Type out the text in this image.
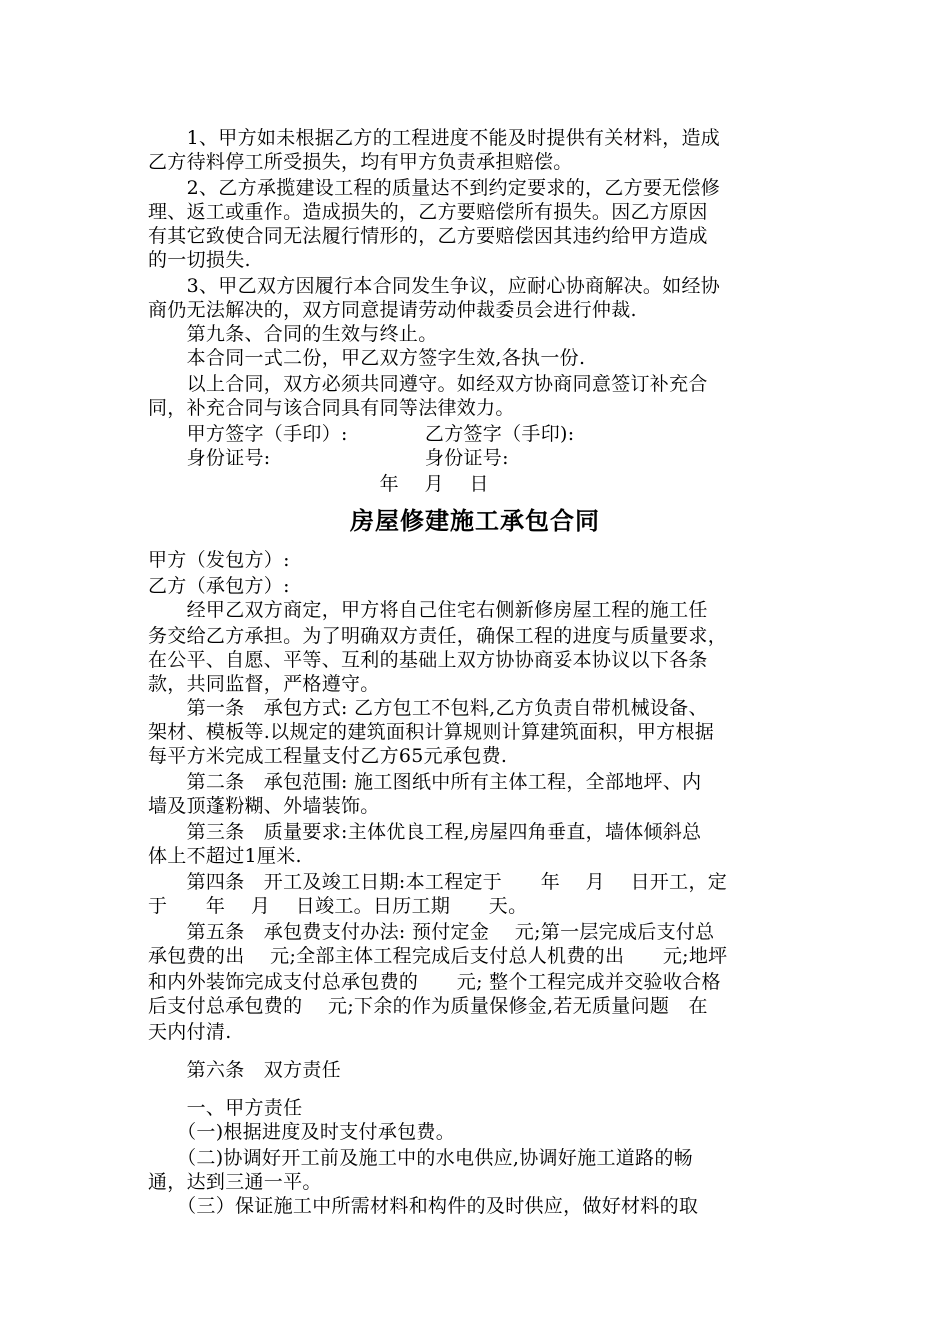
　　1、甲方如未根据乙方的工程进度不能及时提供有关材料，造成
乙方待料停工所受损失，均有甲方负责承担赔偿。
　　2、乙方承揽建设工程的质量达不到约定要求的，乙方要无偿修
理、返工或重作。造成损失的，乙方要赔偿所有损失。因乙方原因
有其它致使合同无法履行情形的，乙方要赔偿因其违约给甲方造成
的一切损失.
　　3、甲乙双方因履行本合同发生争议，应耐心协商解决。如经协
商仍无法解决的，双方同意提请劳动仲裁委员会进行仲裁.
　　第九条、合同的生效与终止。
　　本合同一式二份，甲乙双方签字生效,各执一份.
　　以上合同，双方必须共同遵守。如经双方协商同意签订补充合
同，补充合同与该合同具有同等法律效力。
　　甲方签字（手印）:　　　　乙方签字（手印):
　　身份证号:　　　　　　　　身份证号:
　　　　　　　　　　　　年　 月　 日
房屋修建施工承包合同
甲方（发包方）:
乙方（承包方）:
　　经甲乙双方商定，甲方将自己住宅右侧新修房屋工程的施工任
务交给乙方承担。为了明确双方责任，确保工程的进度与质量要求，
在公平、自愿、平等、互利的基础上双方协协商妥本协议以下各条
款，共同监督，严格遵守。
　　第一条　承包方式: 乙方包工不包料,乙方负责自带机械设备、
架材、模板等.以规定的建筑面积计算规则计算建筑面积，甲方根据
每平方米完成工程量支付乙方65元承包费.
　　第二条　承包范围: 施工图纸中所有主体工程，全部地坪、内
墙及顶蓬粉糊、外墙装饰。
　　第三条　质量要求:主体优良工程,房屋四角垂直，墙体倾斜总
体上不超过1厘米.
　　第四条　开工及竣工日期:本工程定于　　年　 月　 日开工，定
于　　年　 月　 日竣工。日历工期　　天。
　　第五条　承包费支付办法: 预付定金　 元;第一层完成后支付总
承包费的出　 元;全部主体工程完成后支付总人机费的出　　元;地坪
和内外装饰完成支付总承包费的　　元; 整个工程完成并交验收合格
后支付总承包费的　 元;下余的作为质量保修金,若无质量问题　在
天内付清.
　　第六条　双方责任
　　一、甲方责任
　　（一)根据进度及时支付承包费。
　　（二)协调好开工前及施工中的水电供应,协调好施工道路的畅
通，达到三通一平。
　　（三）保证施工中所需材料和构件的及时供应，做好材料的取
